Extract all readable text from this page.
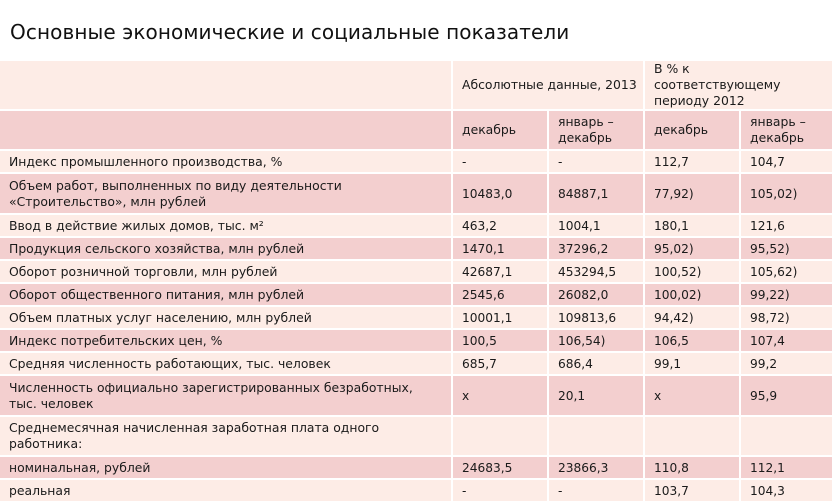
Основные экономические и социальные показатели
	Абсолютные данные, 2013		В % к соответствующему периоду 2012	
	декабрь	январь – декабрь	декабрь	январь – декабрь
Индекс промышленного производства, %	-	-	112,7	104,7
Объем работ, выполненных по виду деятельности «Строительство», млн рублей	10483,0	84887,1	77,92)	105,02)
Ввод в действие жилых домов, тыс. м²	463,2	1004,1	180,1	121,6
Продукция сельского хозяйства, млн рублей	1470,1	37296,2	95,02)	95,52)
Оборот розничной торговли, млн рублей	42687,1	453294,5	100,52)	105,62)
Оборот общественного питания, млн рублей	2545,6	26082,0	100,02)	99,22)
Объем платных услуг населению, млн рублей	10001,1	109813,6	94,42)	98,72)
Индекс потребительских цен, %	100,5	106,54)	106,5	107,4
Средняя численность работающих, тыс. человек	685,7	686,4	99,1	99,2
Численность официально зарегистрированных безработных, тыс. человек	x	20,1	x	95,9
Среднемесячная начисленная заработная плата одного работника:				
номинальная, рублей	24683,5	23866,3	110,8	112,1
реальная	-	-	103,7	104,3
